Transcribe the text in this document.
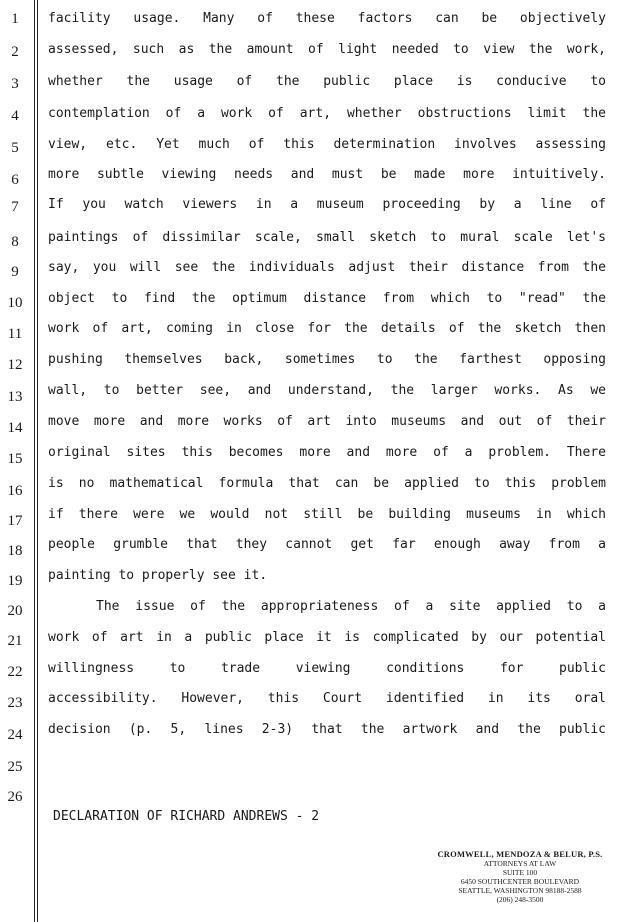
1
2
3
4
5
6
7
8
9
10
11
12
13
14
15
16
17
18
19
20
21
22
23
24
25
26
facility usage. Many of these factors can be objectively
assessed, such as the amount of light needed to view the work,
whether the usage of the public place is conducive to
contemplation of a work of art, whether obstructions limit the
view, etc. Yet much of this determination involves assessing
more subtle viewing needs and must be made more intuitively.
If you watch viewers in a museum proceeding by a line of
paintings of dissimilar scale, small sketch to mural scale let's
say, you will see the individuals adjust their distance from the
object to find the optimum distance from which to "read" the
work of art, coming in close for the details of the sketch then
pushing themselves back, sometimes to the farthest opposing
wall, to better see, and understand, the larger works. As we
move more and more works of art into museums and out of their
original sites this becomes more and more of a problem. There
is no mathematical formula that can be applied to this problem
if there were we would not still be building museums in which
people grumble that they cannot get far enough away from a
painting to properly see it.
The issue of the appropriateness of a site applied to a
work of art in a public place it is complicated by our potential
willingness to trade viewing conditions for public
accessibility. However, this Court identified in its oral
decision (p. 5, lines 2-3) that the artwork and the public
DECLARATION OF RICHARD ANDREWS - 2
CROMWELL, MENDOZA & BELUR, P.S.
ATTORNEYS AT LAW
SUITE 100
6450 SOUTHCENTER BOULEVARD
SEATTLE, WASHINGTON 98188-2588
(206) 248-3500
